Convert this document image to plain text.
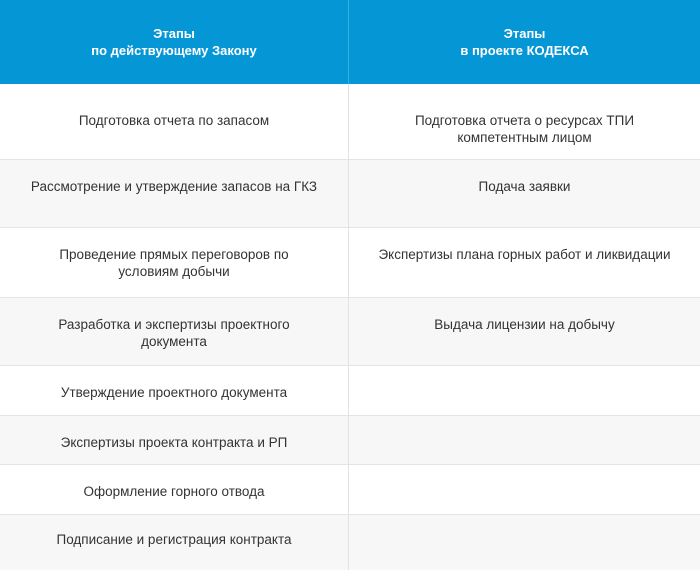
Этапы
по действующему Закону
Этапы
в проекте КОДЕКСА
Подготовка отчета по запасом	Подготовка отчета о ресурсах ТПИ компетентным лицом
Рассмотрение и утверждение запасов на ГКЗ	Подача заявки
Проведение прямых переговоров по условиям добычи
Экспертизы плана горных работ и ликвидации
Разработка и экспертизы проектного документа
Выдача лицензии на добычу
Утверждение проектного документа
Экспертизы проекта контракта и РП
Оформление горного отвода
Подписание и регистрация контракта
